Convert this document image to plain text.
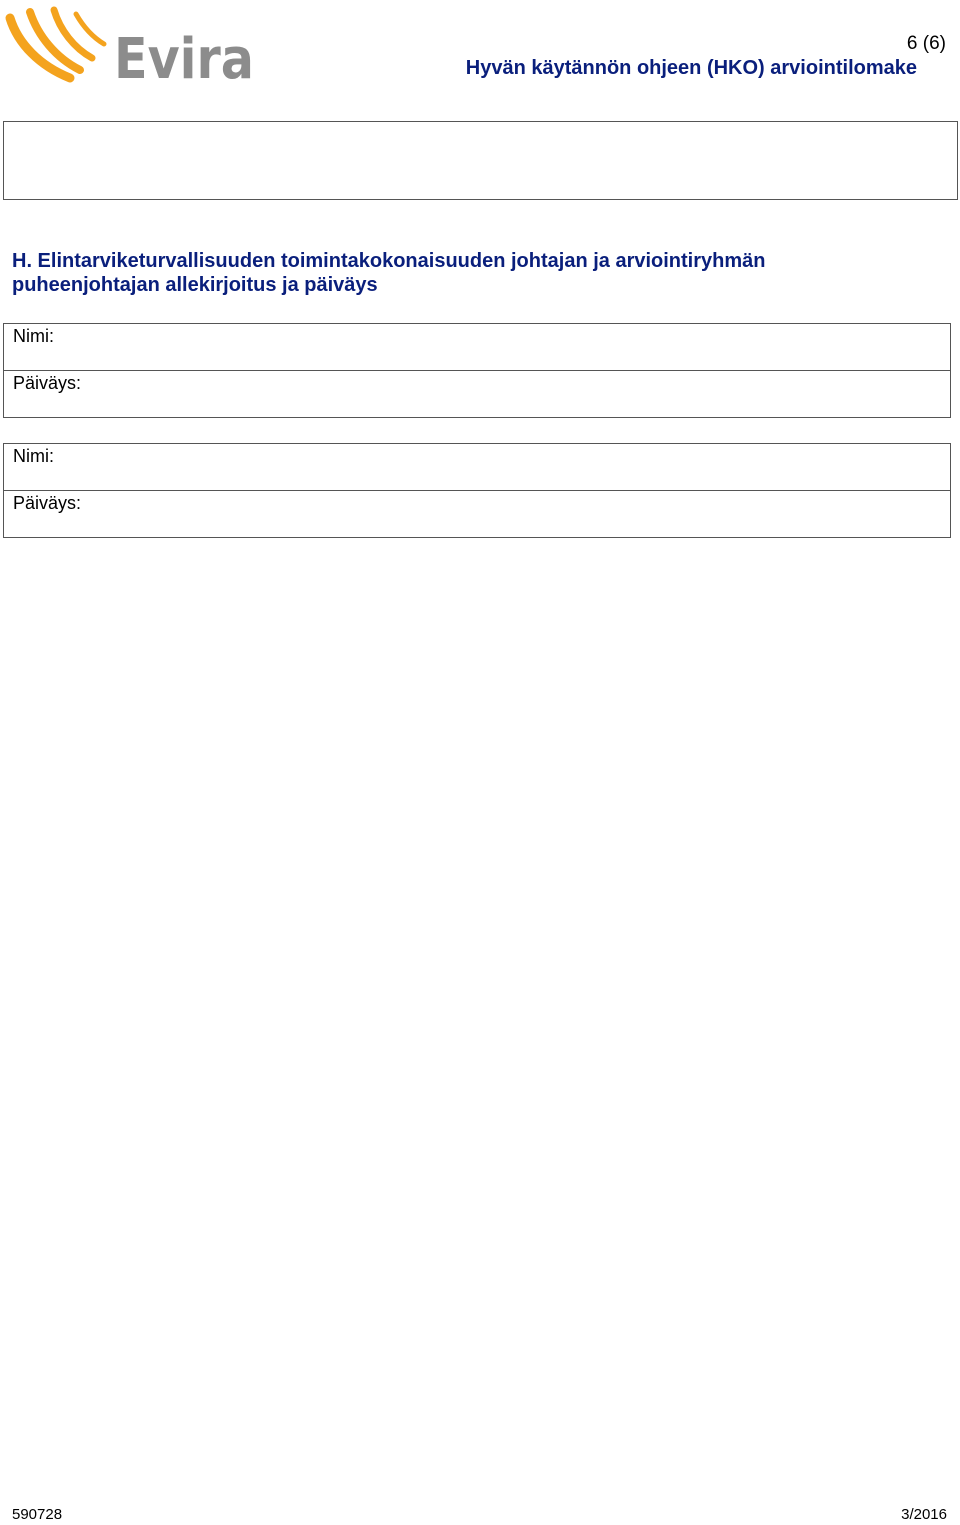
Evira	6 (6)
Hyvän käytännön ohjeen (HKO) arviointilomake
H. Elintarviketurvallisuuden toimintakokonaisuuden johtajan ja arviointiryhmän puheenjohtajan allekirjoitus ja päiväys
Nimi:
Päiväys:
Nimi:
Päiväys:
590728	3/2016
